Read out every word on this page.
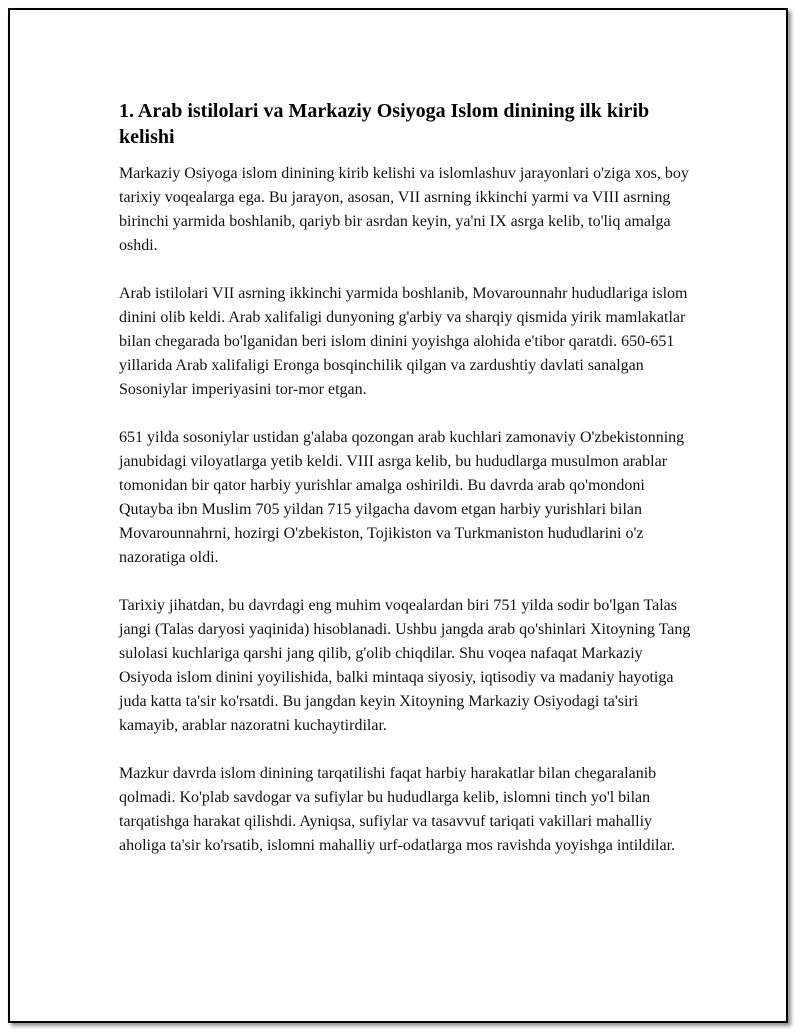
1. Arab istilolari va Markaziy Osiyoga Islom dinining ilk kirib kelishi

Markaziy Osiyoga islom dinining kirib kelishi va islomlashuv jarayonlari o'ziga xos, boy tarixiy voqealarga ega. Bu jarayon, asosan, VII asrning ikkinchi yarmi va VIII asrning birinchi yarmida boshlanib, qariyb bir asrdan keyin, ya'ni IX asrga kelib, to'liq amalga oshdi.

Arab istilolari VII asrning ikkinchi yarmida boshlanib, Movarounnahr hududlariga islom dinini olib keldi. Arab xalifaligi dunyoning g'arbiy va sharqiy qismida yirik mamlakatlar bilan chegarada bo'lganidan beri islom dinini yoyishga alohida e'tibor qaratdi. 650-651 yillarida Arab xalifaligi Eronga bosqinchilik qilgan va zardushtiy davlati sanalgan Sosoniylar imperiyasini tor-mor etgan.

651 yilda sosoniylar ustidan g'alaba qozongan arab kuchlari zamonaviy O'zbekistonning janubidagi viloyatlarga yetib keldi. VIII asrga kelib, bu hududlarga musulmon arablar tomonidan bir qator harbiy yurishlar amalga oshirildi. Bu davrda arab qo'mondoni Qutayba ibn Muslim 705 yildan 715 yilgacha davom etgan harbiy yurishlari bilan Movarounnahrni, hozirgi O'zbekiston, Tojikiston va Turkmaniston hududlarini o'z nazoratiga oldi.

Tarixiy jihatdan, bu davrdagi eng muhim voqealardan biri 751 yilda sodir bo'lgan Talas jangi (Talas daryosi yaqinida) hisoblanadi. Ushbu jangda arab qo'shinlari Xitoyning Tang sulolasi kuchlariga qarshi jang qilib, g'olib chiqdilar. Shu voqea nafaqat Markaziy Osiyoda islom dinini yoyilishida, balki mintaqa siyosiy, iqtisodiy va madaniy hayotiga juda katta ta'sir ko'rsatdi. Bu jangdan keyin Xitoyning Markaziy Osiyodagi ta'siri kamayib, arablar nazoratni kuchaytirdilar.

Mazkur davrda islom dinining tarqatilishi faqat harbiy harakatlar bilan chegaralanib qolmadi. Ko'plab savdogar va sufiylar bu hududlarga kelib, islomni tinch yo'l bilan tarqatishga harakat qilishdi. Ayniqsa, sufiylar va tasavvuf tariqati vakillari mahalliy aholiga ta'sir ko'rsatib, islomni mahalliy urf-odatlarga mos ravishda yoyishga intildilar.
